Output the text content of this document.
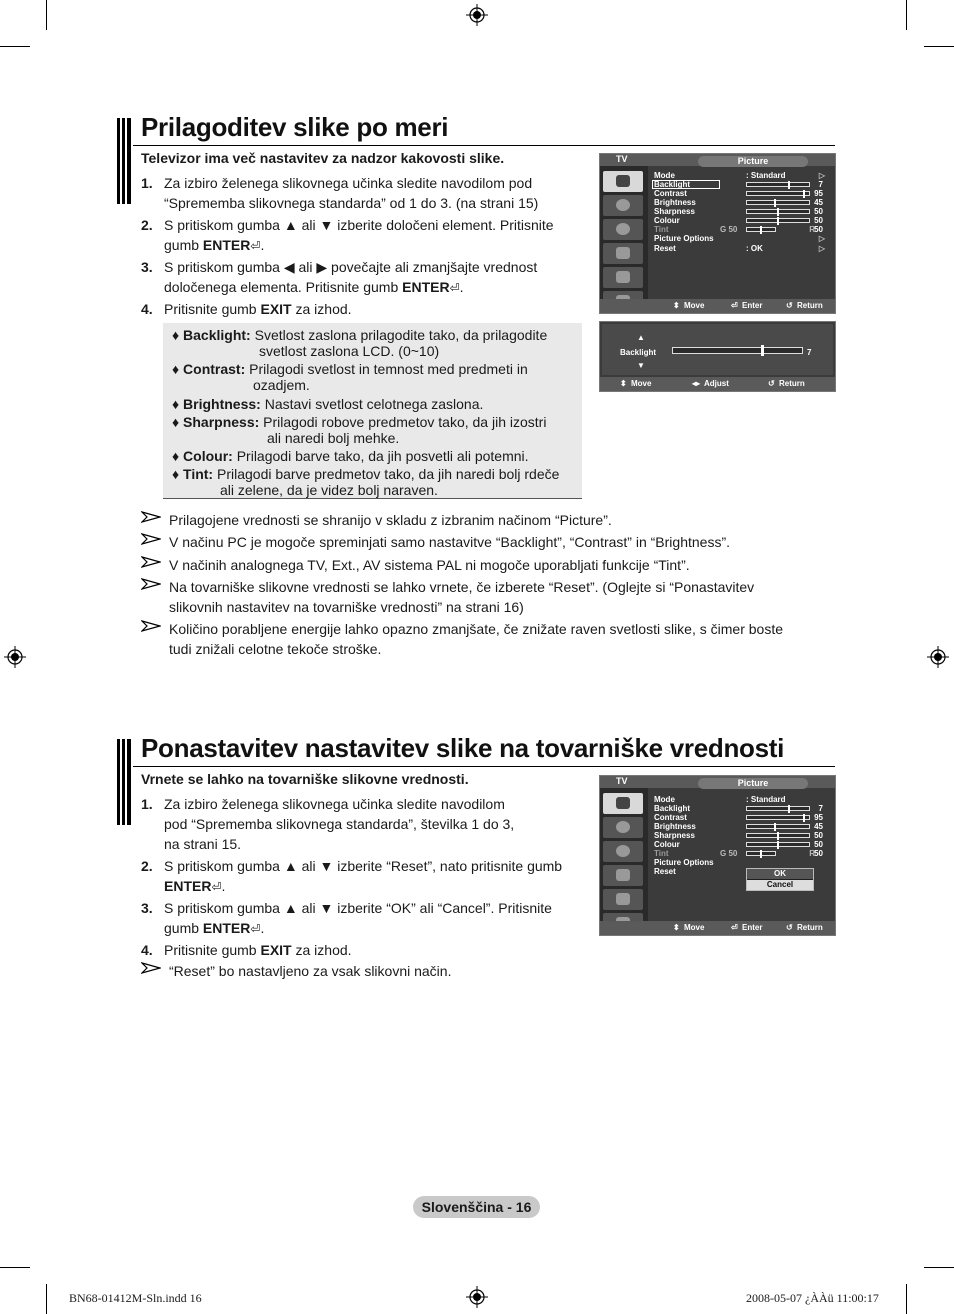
Prilagoditev slike po meri
Televizor ima več nastavitev za nadzor kakovosti slike.
1. Za izbiro želenega slikovnega učinka sledite navodilom pod
“Sprememba slikovnega standarda” od 1 do 3. (na strani 15)
2. S pritiskom gumba ▲ ali ▼ izberite določeni element. Pritisnite
gumb ENTER⏎.
3. S pritiskom gumba ◀ ali ▶ povečajte ali zmanjšajte vrednost
določenega elementa. Pritisnite gumb ENTER⏎.
4. Pritisnite gumb EXIT za izhod.
♦ Backlight: Svetlost zaslona prilagodite tako, da prilagodite
svetlost zaslona LCD. (0~10)
♦ Contrast: Prilagodi svetlost in temnost med predmeti in
ozadjem.
♦ Brightness: Nastavi svetlost celotnega zaslona.
♦ Sharpness: Prilagodi robove predmetov tako, da jih izostri
ali naredi bolj mehke.
♦ Colour: Prilagodi barve tako, da jih posvetli ali potemni.
♦ Tint: Prilagodi barve predmetov tako, da jih naredi bolj rdeče
ali zelene, da je videz bolj naraven.
Prilagojene vrednosti se shranijo v skladu z izbranim načinom “Picture”.
V načinu PC je mogoče spreminjati samo nastavitve “Backlight”, “Contrast” in “Brightness”.
V načinih analognega TV, Ext., AV sistema PAL ni mogoče uporabljati funkcije “Tint”.
Na tovarniške slikovne vrednosti se lahko vrnete, če izberete “Reset”. (Oglejte si “Ponastavitev
slikovnih nastavitev na tovarniške vrednosti” na strani 16)
Količino porabljene energije lahko opazno zmanjšate, če znižate raven svetlosti slike, s čimer boste
tudi znižali celotne tekoče stroške.
TV	Picture
Mode	: Standard	▷
Backlight	7
Contrast	95
Brightness	45
Sharpness	50
Colour	50
Tint	G 50	R 50
Picture Options	▷
Reset	: OK	▷
⬍ Move	⏎ Enter	↺ Return
▲
Backlight	7
▼
⬍ Move	◂▸ Adjust	↺ Return
Ponastavitev nastavitev slike na tovarniške vrednosti
Vrnete se lahko na tovarniške slikovne vrednosti.
1. Za izbiro želenega slikovnega učinka sledite navodilom
pod “Sprememba slikovnega standarda”, številka 1 do 3,
na strani 15.
2. S pritiskom gumba ▲ ali ▼ izberite “Reset”, nato pritisnite gumb
ENTER⏎.
3. S pritiskom gumba ▲ ali ▼ izberite “OK” ali “Cancel”. Pritisnite
gumb ENTER⏎.
4. Pritisnite gumb EXIT za izhod.
“Reset” bo nastavljeno za vsak slikovni način.
TV	Picture
Mode	: Standard
Backlight	7
Contrast	95
Brightness	45
Sharpness	50
Colour	50
Tint	G 50	R 50
Picture Options
Reset	OK
Cancel
⬍ Move	⏎ Enter	↺ Return
Slovenščina - 16
BN68-01412M-Sln.indd 16	2008-05-07 ¿ÀÀü 11:00:17
